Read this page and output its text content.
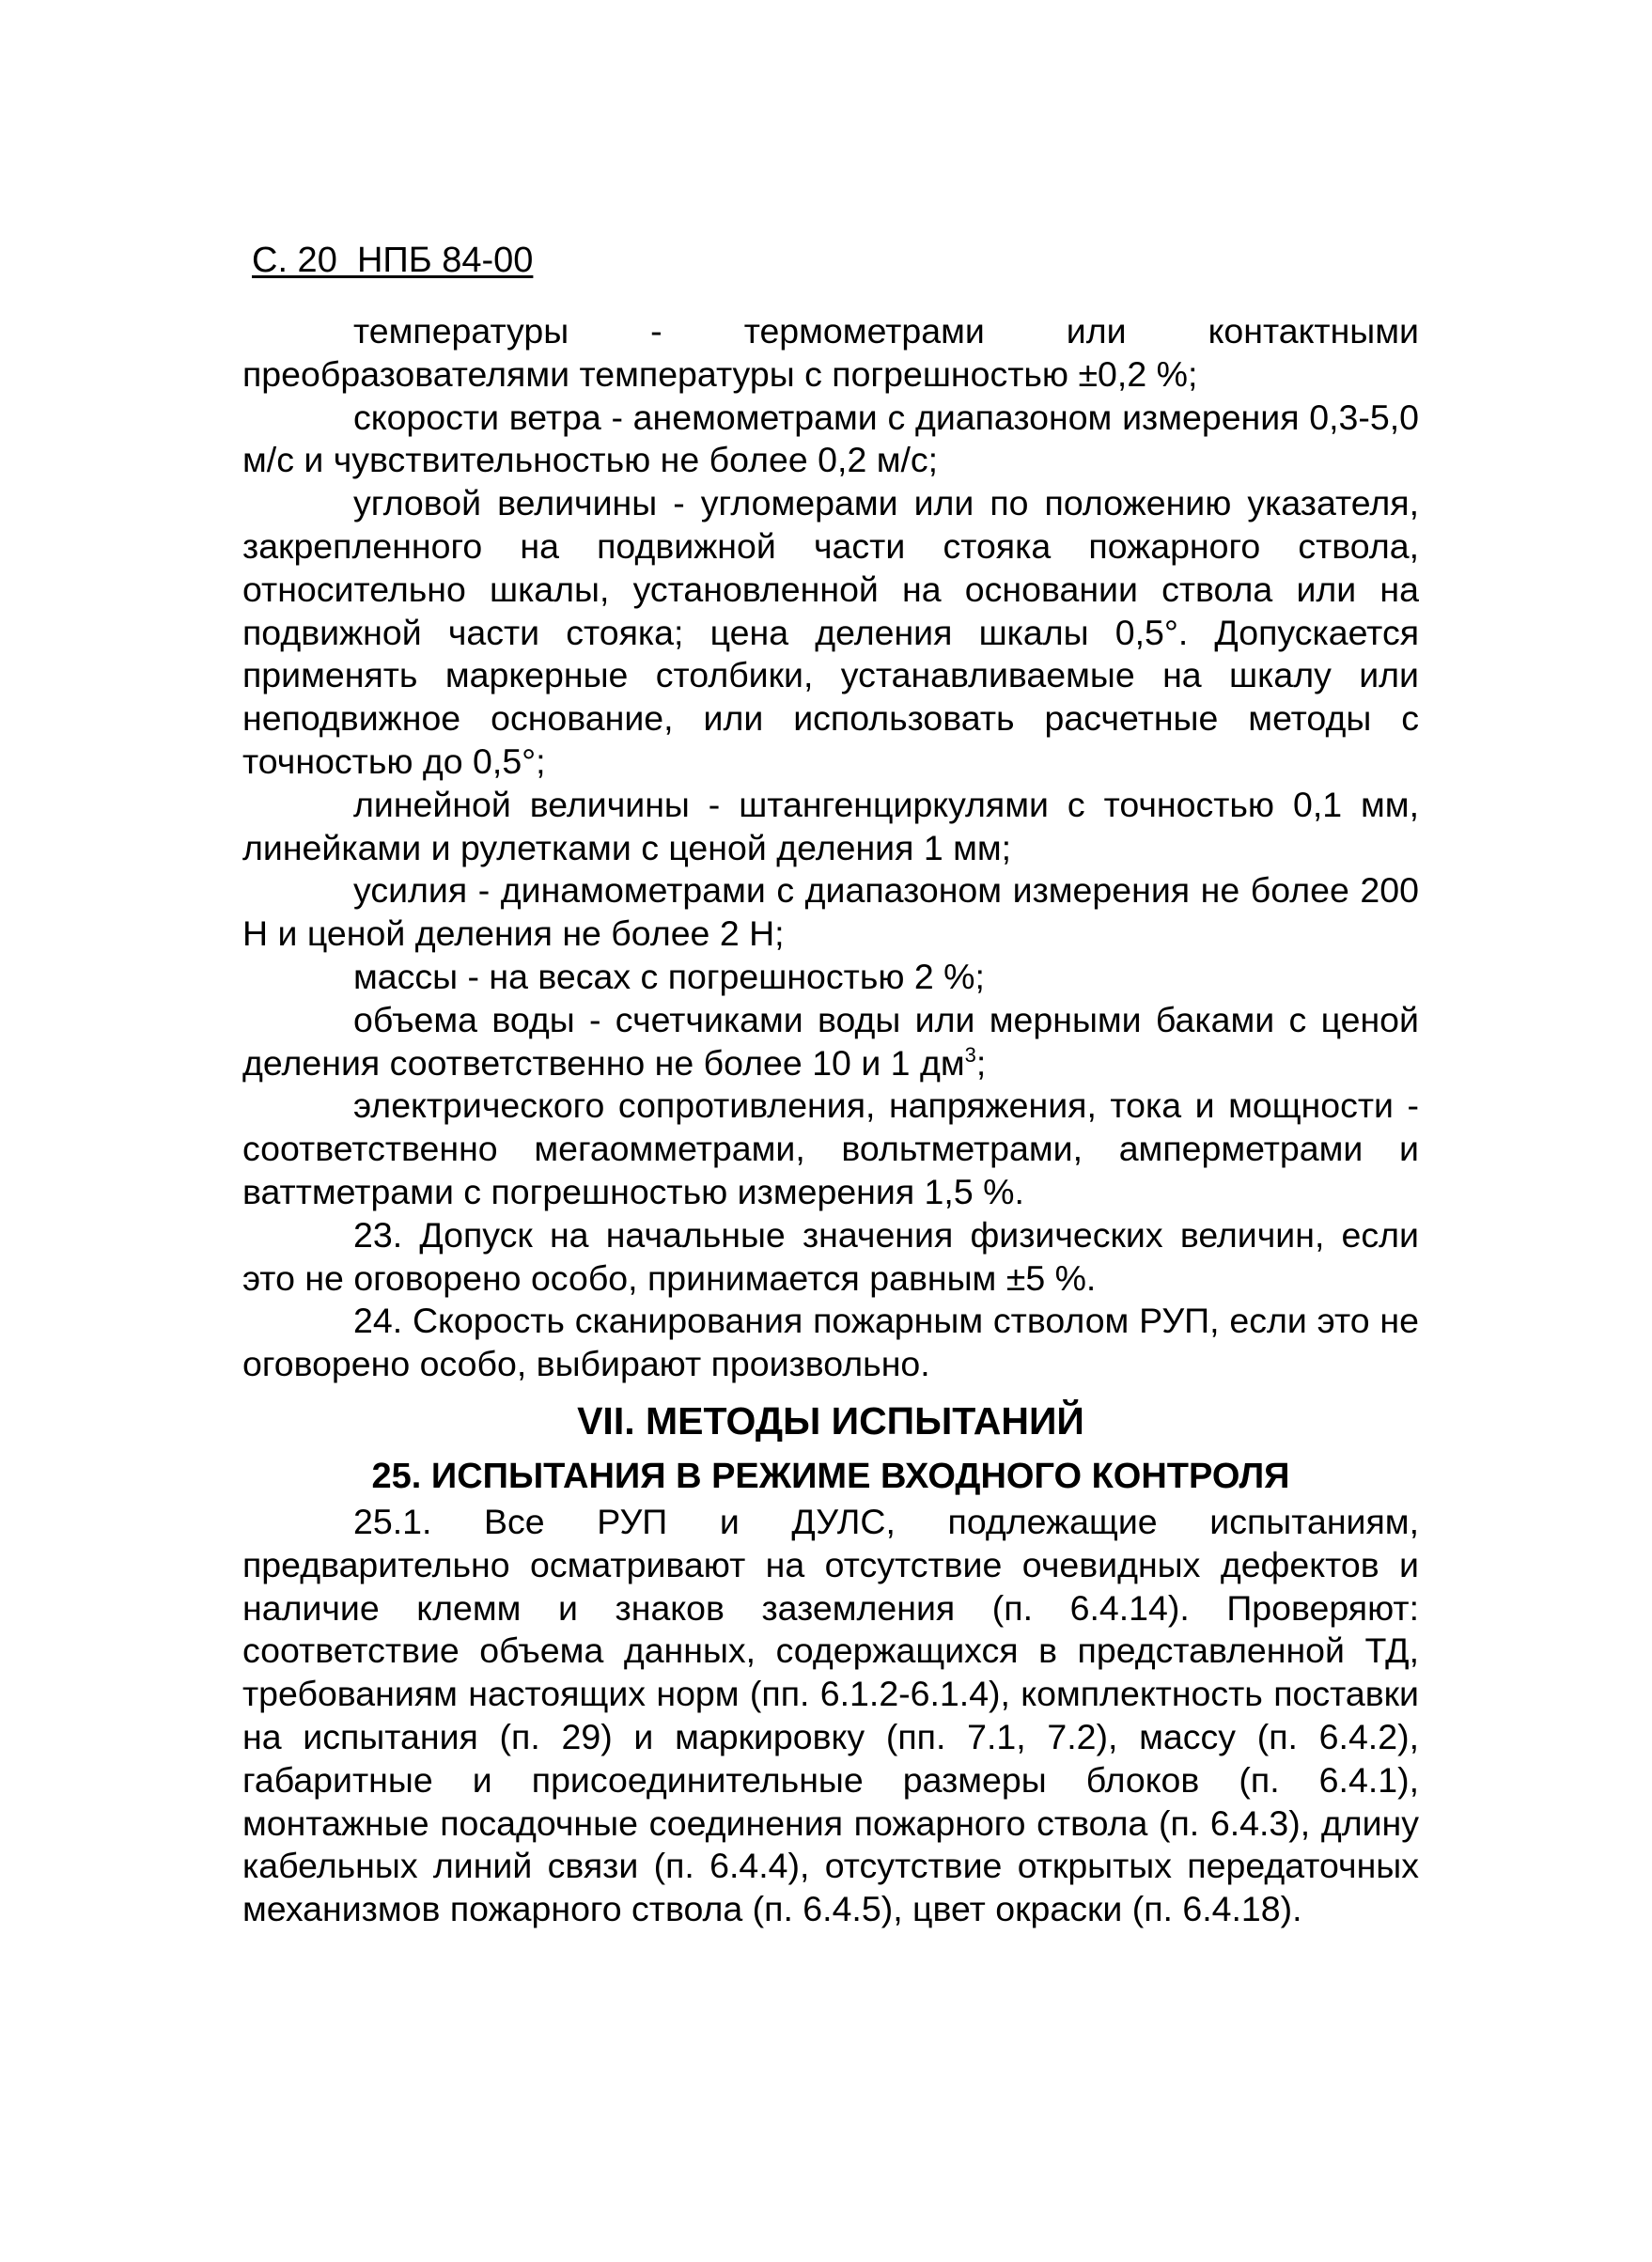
С. 20  НПБ 84-00

температуры - термометрами или контактными преобразователями температуры с погрешностью ±0,2 %;

скорости ветра - анемометрами с диапазоном измерения 0,3-5,0 м/с и чувствительностью не более 0,2 м/с;

угловой величины - угломерами или по положению указателя, закрепленного на подвижной части стояка пожарного ствола, относительно шкалы, установленной на основании ствола или на подвижной части стояка; цена деления шкалы 0,5°. Допускается применять маркерные столбики, устанавливаемые на шкалу или неподвижное основание, или использовать расчетные методы с точностью до 0,5°;

линейной величины - штангенциркулями с точностью 0,1 мм, линейками и рулетками с ценой деления 1 мм;

усилия - динамометрами с диапазоном измерения не более 200 Н и ценой деления не более 2 Н;

массы - на весах с погрешностью 2 %;

объема воды - счетчиками воды или мерными баками с ценой деления соответственно не более 10 и 1 $дм^3$;

электрического сопротивления, напряжения, тока и мощности - соответственно мегаомметрами, вольтметрами, амперметрами и ваттметрами с погрешностью измерения 1,5 %.

23. Допуск на начальные значения физических величин, если это не оговорено особо, принимается равным ±5 %.

24. Скорость сканирования пожарным стволом РУП, если это не оговорено особо, выбирают произвольно.

VII. МЕТОДЫ ИСПЫТАНИЙ
25. ИСПЫТАНИЯ В РЕЖИМЕ ВХОДНОГО КОНТРОЛЯ

25.1. Все РУП и ДУЛС, подлежащие испытаниям, предварительно осматривают на отсутствие очевидных дефектов и наличие клемм и знаков заземления (п. 6.4.14). Проверяют: соответствие объема данных, содержащихся в представленной ТД, требованиям настоящих норм (пп. 6.1.2-6.1.4), комплектность поставки на испытания (п. 29) и маркировку (пп. 7.1, 7.2), массу (п. 6.4.2), габаритные и присоединительные размеры блоков (п. 6.4.1), монтажные посадочные соединения пожарного ствола (п. 6.4.3), длину кабельных линий связи (п. 6.4.4), отсутствие открытых передаточных механизмов пожарного ствола (п. 6.4.5), цвет окраски (п. 6.4.18).
